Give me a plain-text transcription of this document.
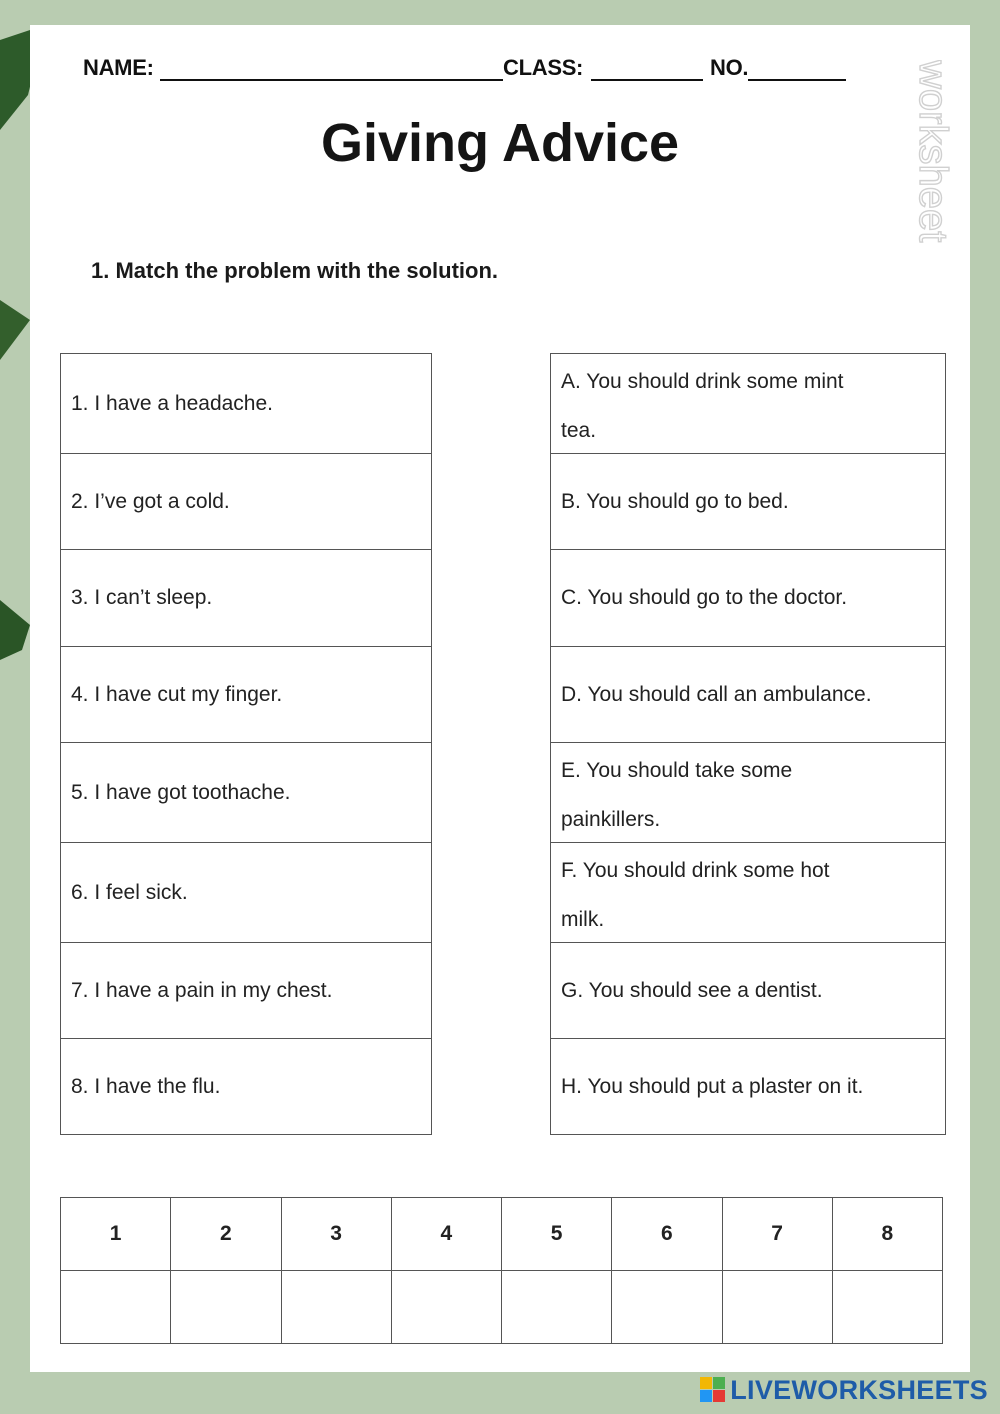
NAME:	CLASS:	NO.
Giving Advice	worksheet
1. Match the problem with the solution.
1. I have a headache.
2. I’ve got a cold.
3. I can’t sleep.
4. I have cut my finger.
5. I have got toothache.
6. I feel sick.
7. I have a pain in my chest.
8. I have the flu.
A. You should drink some mint
tea.
B. You should go to bed.
C. You should go to the doctor.
D. You should call an ambulance.
E. You should take some
painkillers.
F. You should drink some hot
milk.
G. You should see a dentist.
H. You should put a plaster on it.
1	2	3	4	5	6	7	8

LIVEWORKSHEETS
